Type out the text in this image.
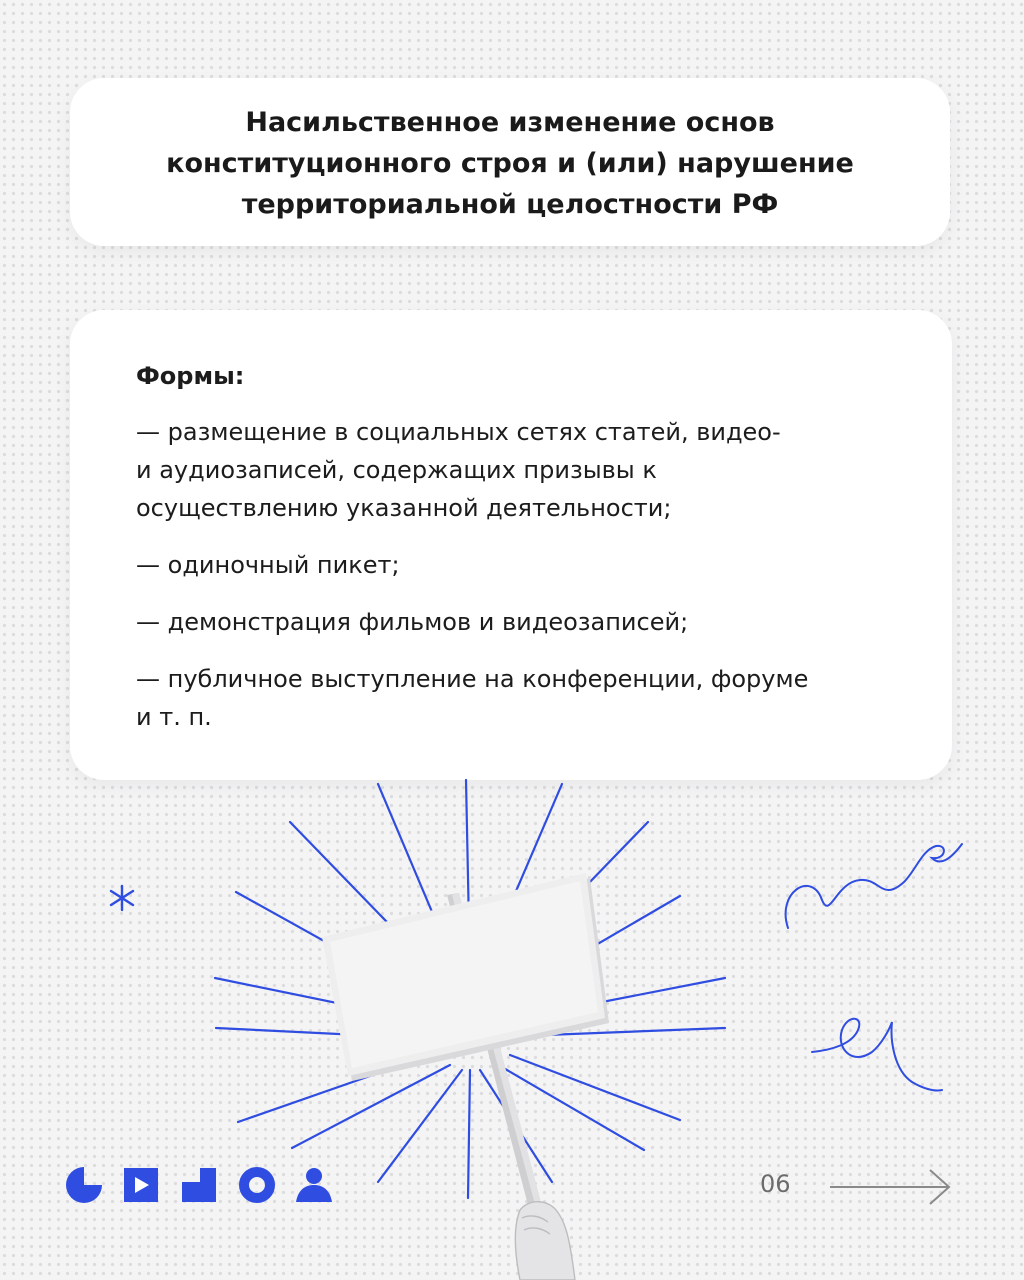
Насильственное изменение основ
конституционного строя и (или) нарушение
территориальной целостности РФ
Формы:

— размещение в социальных сетях статей, видео-
и аудиозаписей, содержащих призывы к
осуществлению указанной деятельности;

— одиночный пикет;

— демонстрация фильмов и видеозаписей;

— публичное выступление на конференции, форуме
и т. п.

06
